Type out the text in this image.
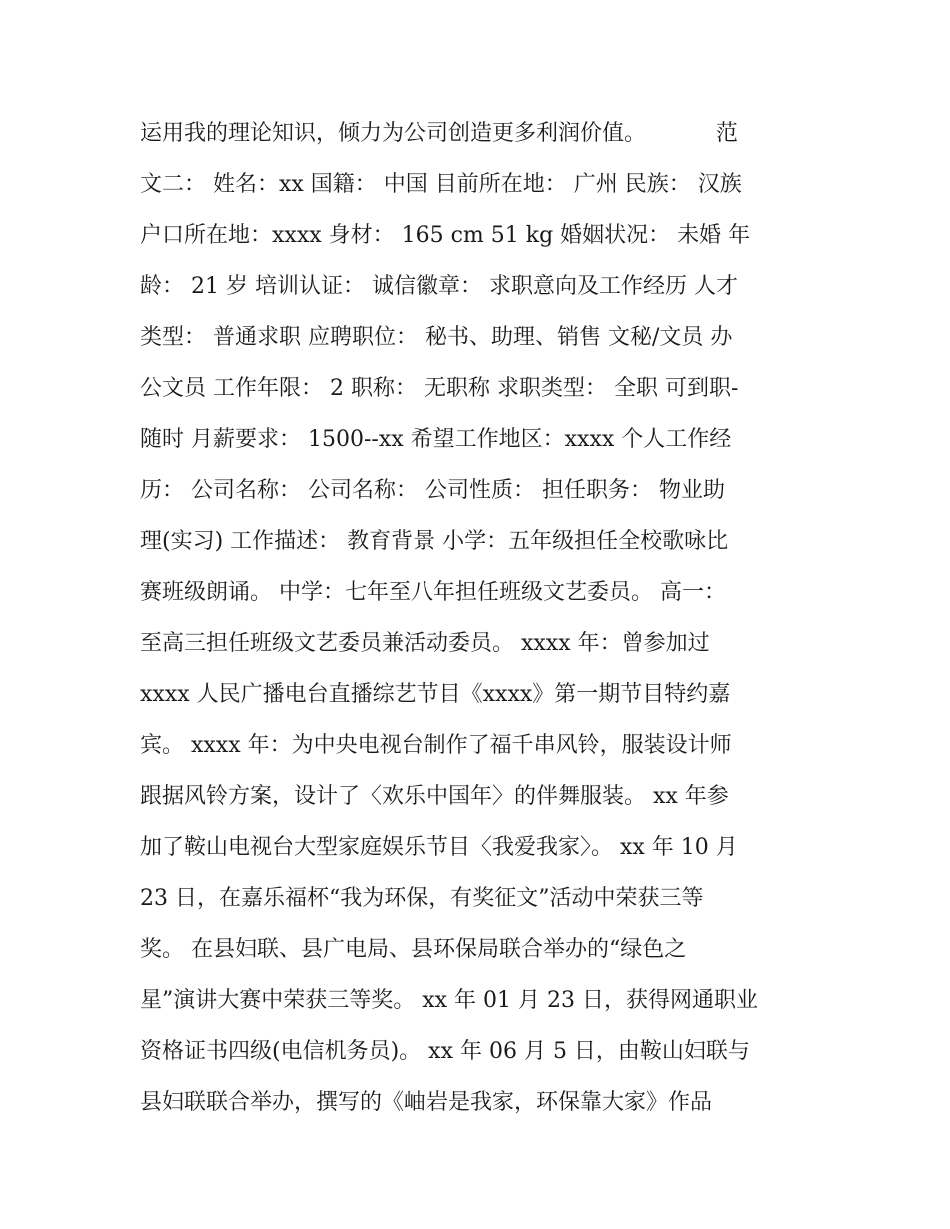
运用我的理论知识，倾力为公司创造更多利润价值。          范
文二： 姓名：xx 国籍： 中国 目前所在地： 广州 民族： 汉族
户口所在地：xxxx 身材： 165 cm 51 kg 婚姻状况： 未婚 年
龄： 21 岁 培训认证： 诚信徽章： 求职意向及工作经历 人才
类型： 普通求职 应聘职位： 秘书、助理、销售 文秘/文员 办
公文员 工作年限： 2 职称： 无职称 求职类型： 全职 可到职-
随时 月薪要求： 1500--xx 希望工作地区：xxxx 个人工作经
历： 公司名称： 公司名称： 公司性质： 担任职务： 物业助
理(实习) 工作描述： 教育背景 小学：五年级担任全校歌咏比
赛班级朗诵。 中学：七年至八年担任班级文艺委员。 高一：
至高三担任班级文艺委员兼活动委员。 xxxx 年：曾参加过
xxxx 人民广播电台直播综艺节目《xxxx》第一期节目特约嘉
宾。 xxxx 年：为中央电视台制作了福千串风铃，服装设计师
跟据风铃方案，设计了〈欢乐中国年〉的伴舞服装。 xx 年参
加了鞍山电视台大型家庭娱乐节目〈我爱我家〉。 xx 年 10 月
23 日，在嘉乐福杯“我为环保，有奖征文”活动中荣获三等
奖。 在县妇联、县广电局、县环保局联合举办的“绿色之
星”演讲大赛中荣获三等奖。 xx 年 01 月 23 日，获得网通职业
资格证书四级(电信机务员)。 xx 年 06 月 5 日，由鞍山妇联与
县妇联联合举办，撰写的《岫岩是我家，环保靠大家》作品
